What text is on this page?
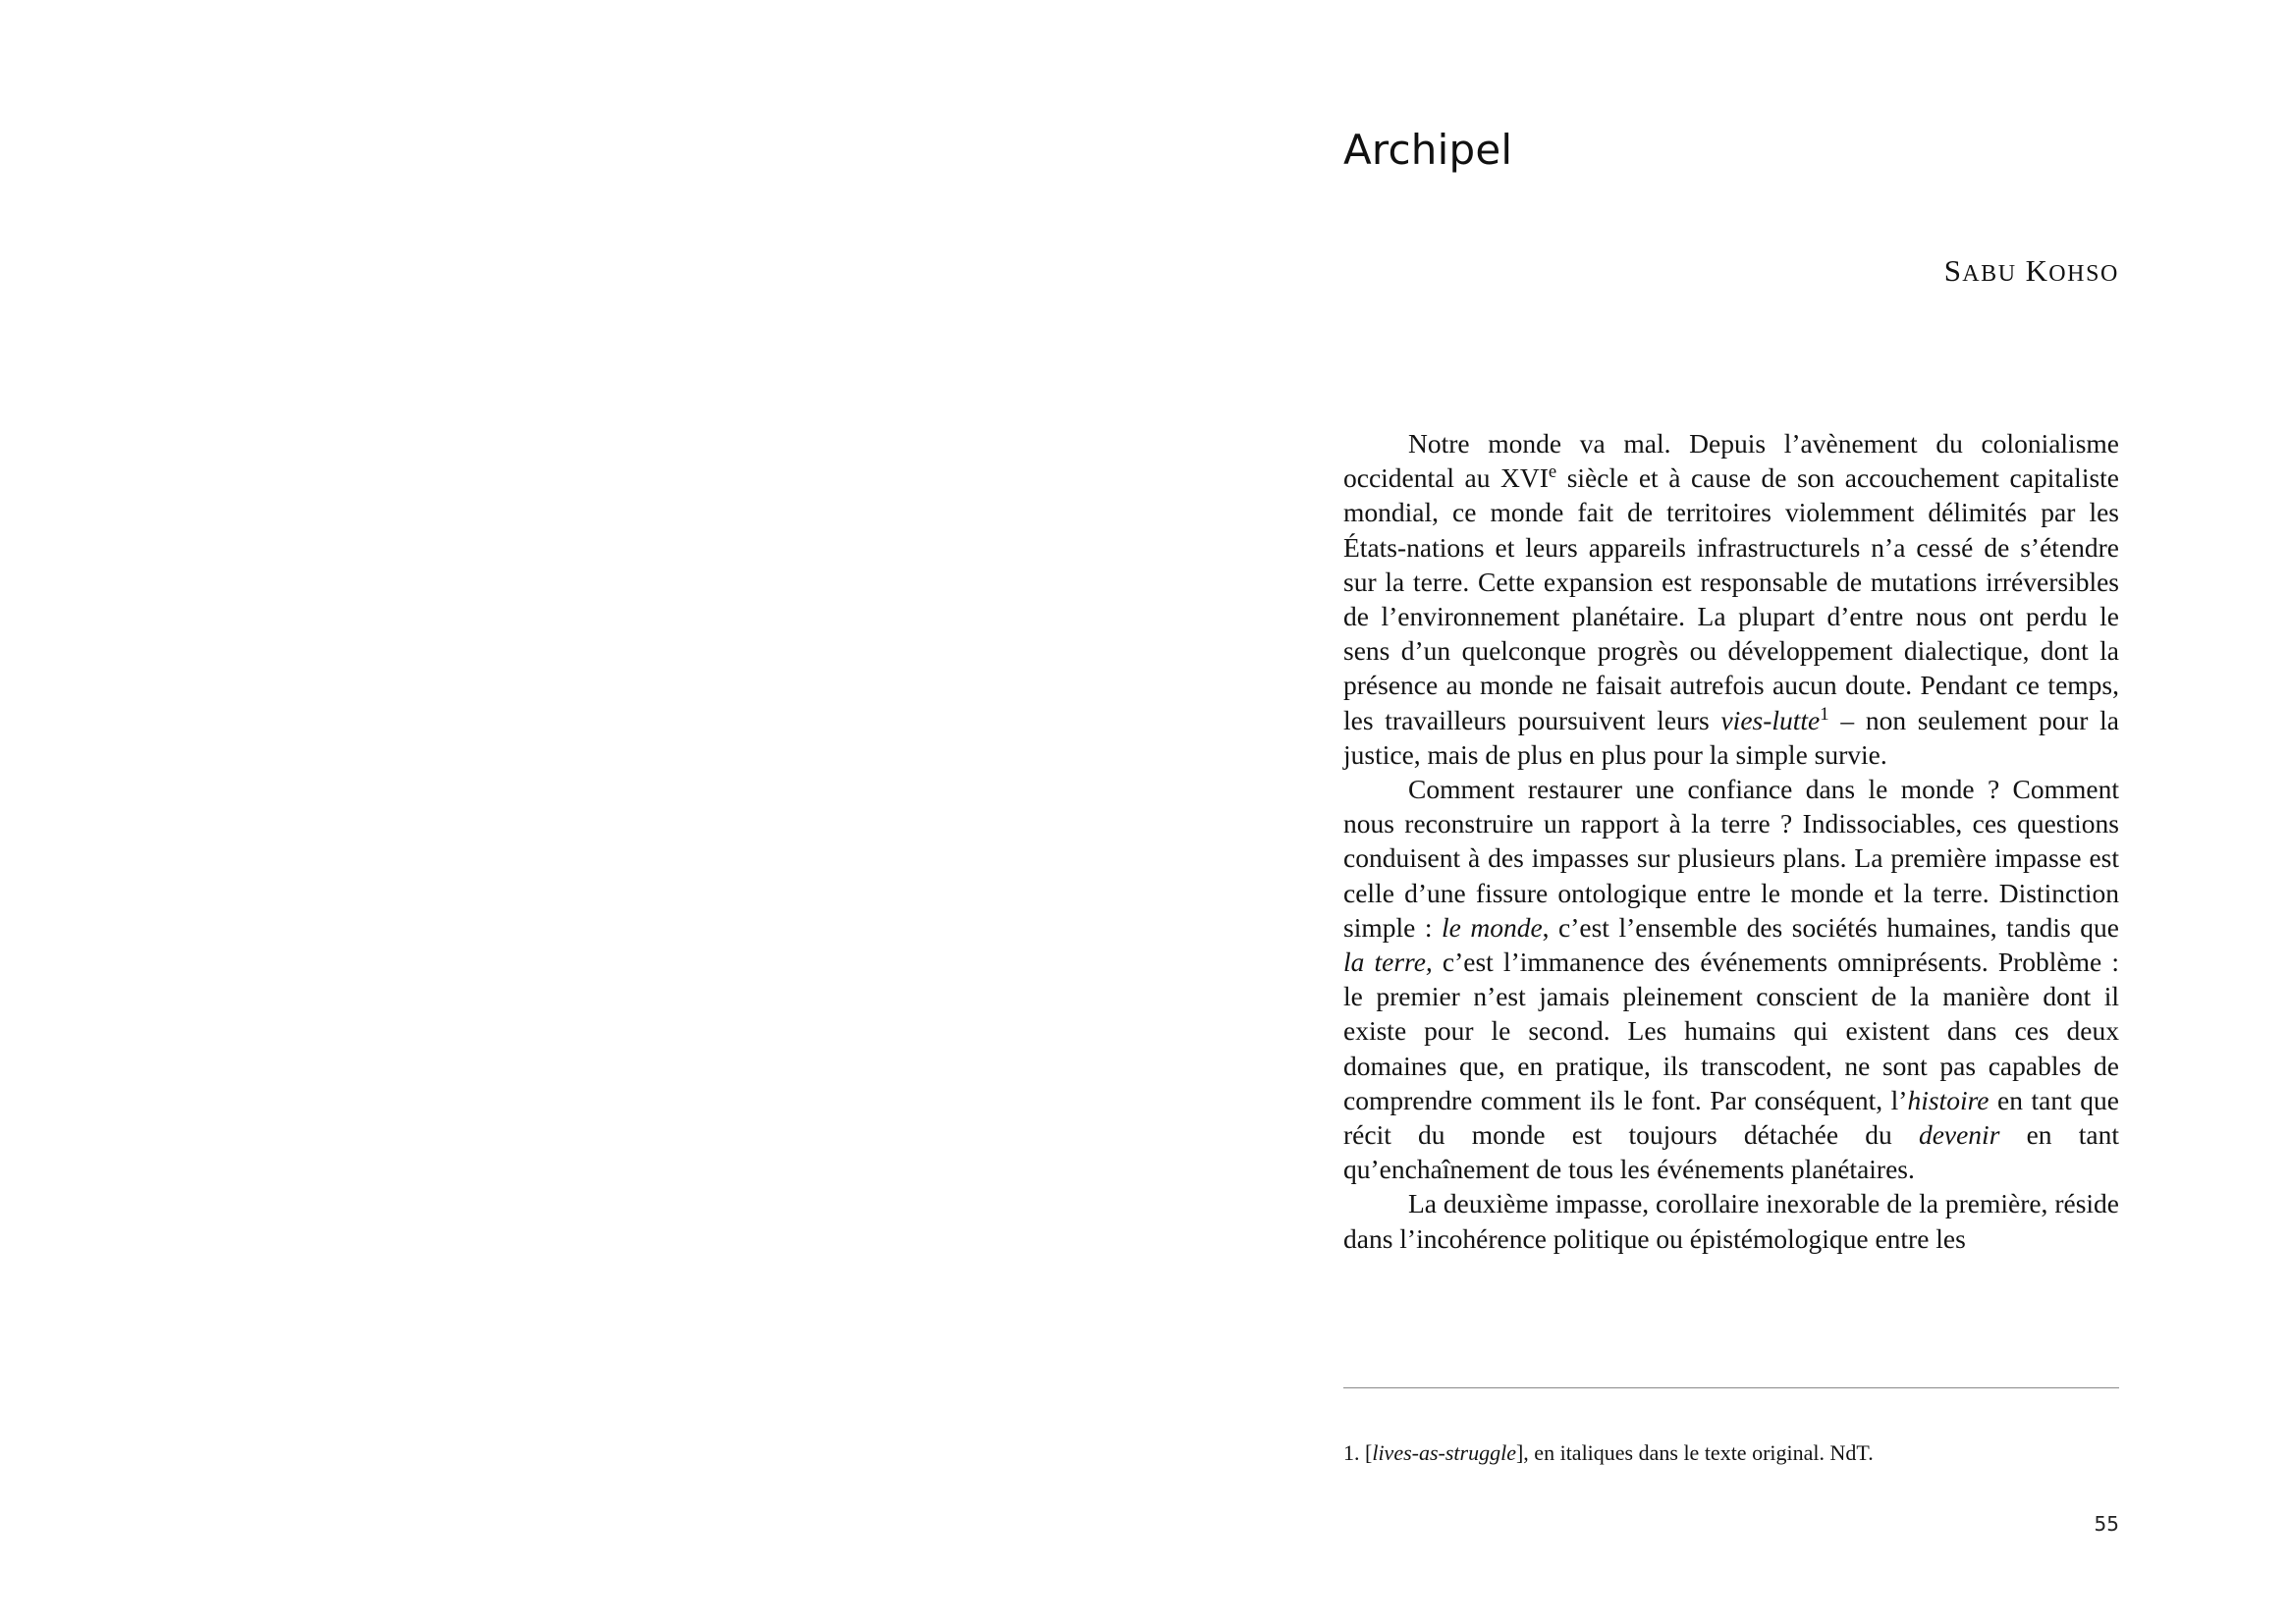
Archipel
SABU KOHSO

Notre monde va mal. Depuis l’avènement du colonialisme occidental au XVIe siècle et à cause de son accouchement capitaliste mondial, ce monde fait de territoires violemment délimités par les États-nations et leurs appareils infrastructurels n’a cessé de s’étendre sur la terre. Cette expansion est responsable de mutations irréversibles de l’environnement planétaire. La plupart d’entre nous ont perdu le sens d’un quelconque progrès ou développement dialectique, dont la présence au monde ne faisait autrefois aucun doute. Pendant ce temps, les travailleurs poursuivent leurs vies-lutte$^1$ – non seulement pour la justice, mais de plus en plus pour la simple survie.

Comment restaurer une confiance dans le monde ? Comment nous reconstruire un rapport à la terre ? Indissociables, ces questions conduisent à des impasses sur plusieurs plans. La première impasse est celle d’une fissure ontologique entre le monde et la terre. Distinction simple : le monde, c’est l’ensemble des sociétés humaines, tandis que la terre, c’est l’immanence des événements omniprésents. Problème : le premier n’est jamais pleinement conscient de la manière dont il existe pour le second. Les humains qui existent dans ces deux domaines que, en pratique, ils transcodent, ne sont pas capables de comprendre comment ils le font. Par conséquent, l’histoire en tant que récit du monde est toujours détachée du devenir en tant qu’enchaînement de tous les événements planétaires.

La deuxième impasse, corollaire inexorable de la première, réside dans l’incohérence politique ou épistémologique entre les

1. [lives-as-struggle], en italiques dans le texte original. NdT.
55
